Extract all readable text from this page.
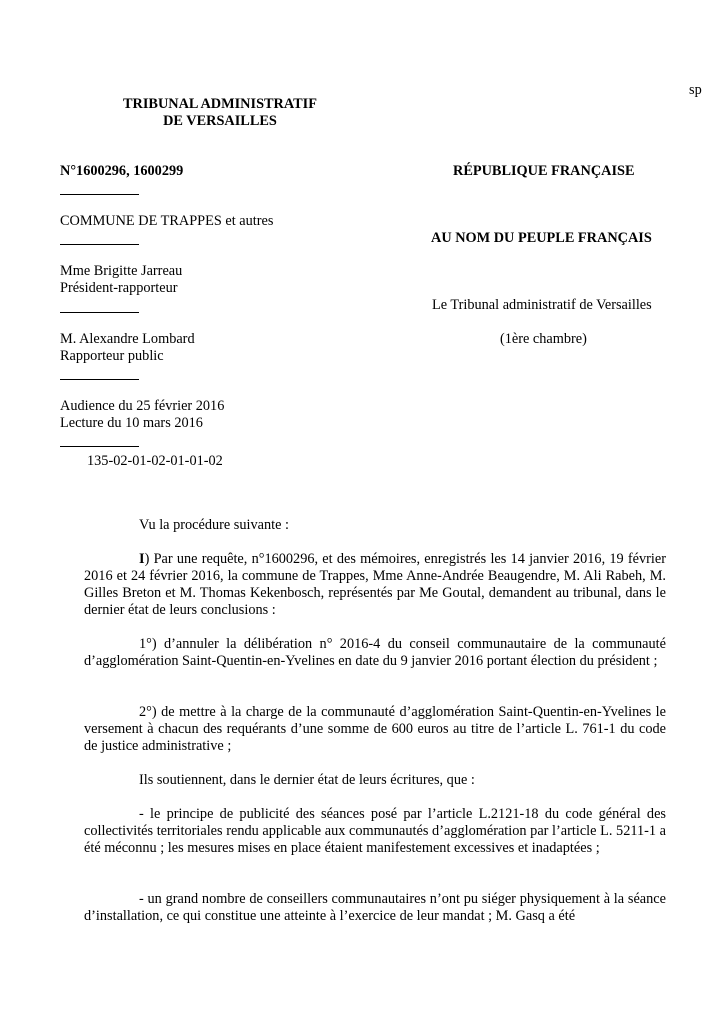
sp
TRIBUNAL ADMINISTRATIF
DE VERSAILLES
N°1600296, 1600299	RÉPUBLIQUE FRANÇAISE
COMMUNE DE TRAPPES et autres
AU NOM DU PEUPLE FRANÇAIS
Mme Brigitte Jarreau
Président-rapporteur
Le Tribunal administratif de Versailles
M. Alexandre Lombard	(1ère chambre)
Rapporteur public
Audience du 25 février 2016
Lecture du 10 mars 2016
135-02-01-02-01-01-02
Vu la procédure suivante :
I) Par une requête, n°1600296, et des mémoires, enregistrés les 14 janvier 2016, 19 février 2016 et 24 février 2016, la commune de Trappes, Mme Anne-Andrée Beaugendre, M. Ali Rabeh, M. Gilles Breton et M. Thomas Kekenbosch, représentés par Me Goutal, demandent au tribunal, dans le dernier état de leurs conclusions :
1°) d’annuler la délibération n° 2016-4 du conseil communautaire de la communauté d’agglomération Saint-Quentin-en-Yvelines en date du 9 janvier 2016 portant élection du président ;
2°) de mettre à la charge de la communauté d’agglomération Saint-Quentin-en-Yvelines le versement à chacun des requérants d’une somme de 600 euros au titre de l’article L. 761-1 du code de justice administrative ;
Ils soutiennent, dans le dernier état de leurs écritures, que :
- le principe de publicité des séances posé par l’article L.2121-18 du code général des collectivités territoriales rendu applicable aux communautés d’agglomération par l’article L. 5211-1 a été méconnu ; les mesures mises en place étaient manifestement excessives et inadaptées ;
- un grand nombre de conseillers communautaires n’ont pu siéger physiquement à la séance d’installation, ce qui constitue une atteinte à l’exercice de leur mandat ; M. Gasq a été
